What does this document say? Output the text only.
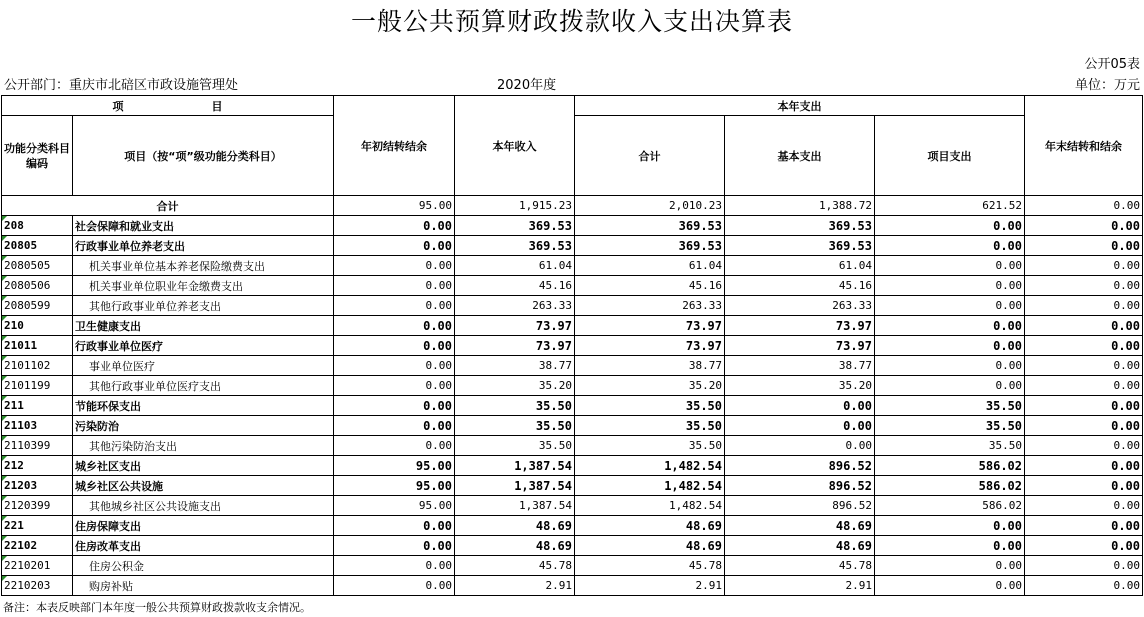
一般公共预算财政拨款收入支出决算表
公开05表
公开部门：重庆市北碚区市政设施管理处	2020年度	单位：万元
项　　　　　　　　目		年初结转结余	本年收入	本年支出			年末结转和结余
功能分类科目编码	项目（按“项”级功能分类科目）			合计	基本支出	项目支出	
合计		95.00	1,915.23	2,010.23	1,388.72	621.52	0.00
208	社会保障和就业支出	0.00	369.53	369.53	369.53	0.00	0.00
20805	行政事业单位养老支出	0.00	369.53	369.53	369.53	0.00	0.00
2080505	机关事业单位基本养老保险缴费支出	0.00	61.04	61.04	61.04	0.00	0.00
2080506	机关事业单位职业年金缴费支出	0.00	45.16	45.16	45.16	0.00	0.00
2080599	其他行政事业单位养老支出	0.00	263.33	263.33	263.33	0.00	0.00
210	卫生健康支出	0.00	73.97	73.97	73.97	0.00	0.00
21011	行政事业单位医疗	0.00	73.97	73.97	73.97	0.00	0.00
2101102	事业单位医疗	0.00	38.77	38.77	38.77	0.00	0.00
2101199	其他行政事业单位医疗支出	0.00	35.20	35.20	35.20	0.00	0.00
211	节能环保支出	0.00	35.50	35.50	0.00	35.50	0.00
21103	污染防治	0.00	35.50	35.50	0.00	35.50	0.00
2110399	其他污染防治支出	0.00	35.50	35.50	0.00	35.50	0.00
212	城乡社区支出	95.00	1,387.54	1,482.54	896.52	586.02	0.00
21203	城乡社区公共设施	95.00	1,387.54	1,482.54	896.52	586.02	0.00
2120399	其他城乡社区公共设施支出	95.00	1,387.54	1,482.54	896.52	586.02	0.00
221	住房保障支出	0.00	48.69	48.69	48.69	0.00	0.00
22102	住房改革支出	0.00	48.69	48.69	48.69	0.00	0.00
2210201	住房公积金	0.00	45.78	45.78	45.78	0.00	0.00
2210203	购房补贴	0.00	2.91	2.91	2.91	0.00	0.00
备注：本表反映部门本年度一般公共预算财政拨款收支余情况。
